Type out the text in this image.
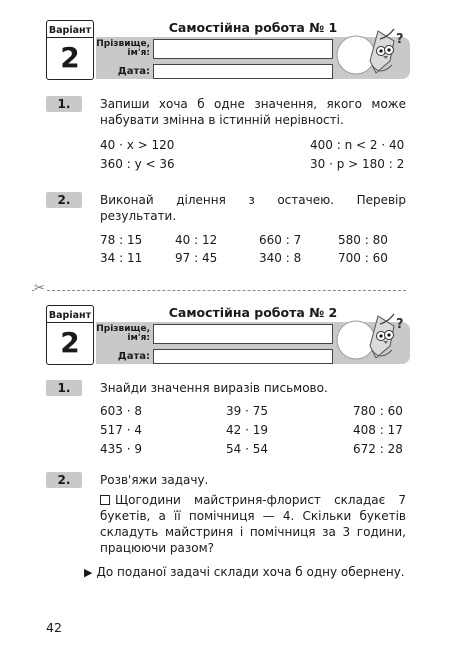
Варіант
2
Самостійна робота № 1
Прізвище, ім'я:
Дата:
?
1.	Запиши хоча б одне значення, якого може набувати змінна в істинній нерівності.
40 · x > 120	400 : n < 2 · 40
360 : y < 36	30 · p > 180 : 2
2.	Виконай ділення з остачею. Перевір результати.
78 : 15	40 : 12	660 : 7	580 : 80
34 : 11	97 : 45	340 : 8	700 : 60
✂
Варіант
2
Самостійна робота № 2
Прізвище, ім'я:
Дата:
?
1.	Знайди значення виразів письмово.
603 · 8	39 · 75	780 : 60
517 · 4	42 · 19	408 : 17
435 · 9	54 · 54	672 : 28
2.	Розв'яжи задачу.
Щогодини майстриня-флорист складає 7 букетів, а її помічниця — 4. Скільки букетів складуть майстриня і помічниця за 3 години, працюючи разом?
▶ До поданої задачі склади хоча б одну обернену.
42
